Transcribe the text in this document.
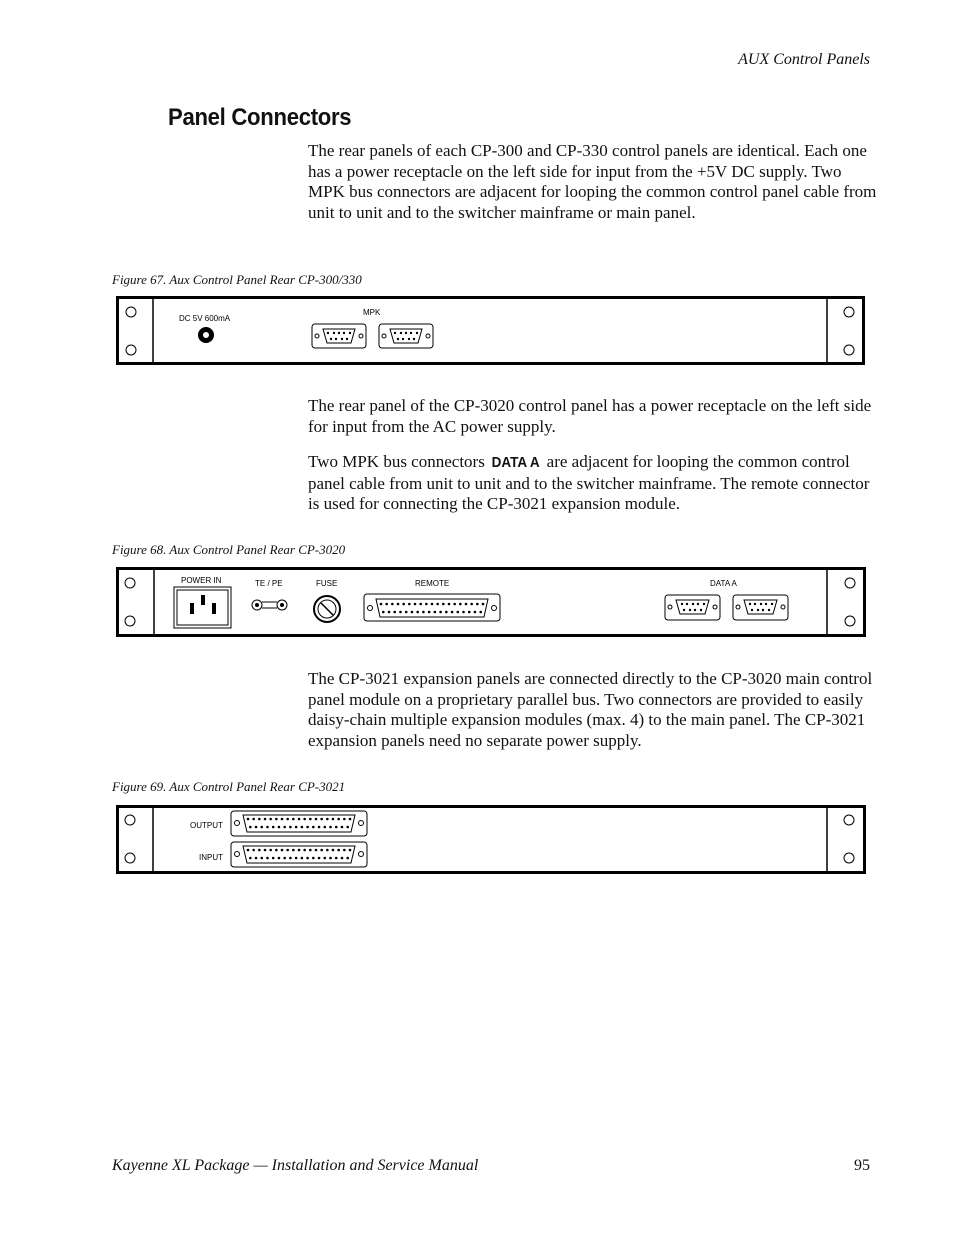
AUX Control Panels
Panel Connectors
The rear panels of each CP-300 and CP-330 control panels are identical. Each one has a power receptacle on the left side for input from the +5V DC supply. Two MPK bus connectors are adjacent for looping the common control panel cable from unit to unit and to the switcher mainframe or main panel.
Figure 67. Aux Control Panel Rear CP-300/330
DC 5V 600mA
MPK
The rear panel of the CP-3020 control panel has a power receptacle on the left side for input from the AC power supply.
Two MPK bus connectors DATA A are adjacent for looping the common control panel cable from unit to unit and to the switcher mainframe. The remote connector is used for connecting the CP-3021 expansion module.
Figure 68. Aux Control Panel Rear CP-3020
POWER IN	TE / PE	FUSE	REMOTE	DATA A
The CP-3021 expansion panels are connected directly to the CP-3020 main control panel module on a proprietary parallel bus. Two connectors are provided to easily daisy-chain multiple expansion modules (max. 4) to the main panel. The CP-3021 expansion panels need no separate power supply.
Figure 69. Aux Control Panel Rear CP-3021
OUTPUT
INPUT
Kayenne XL Package — Installation and Service Manual	95
